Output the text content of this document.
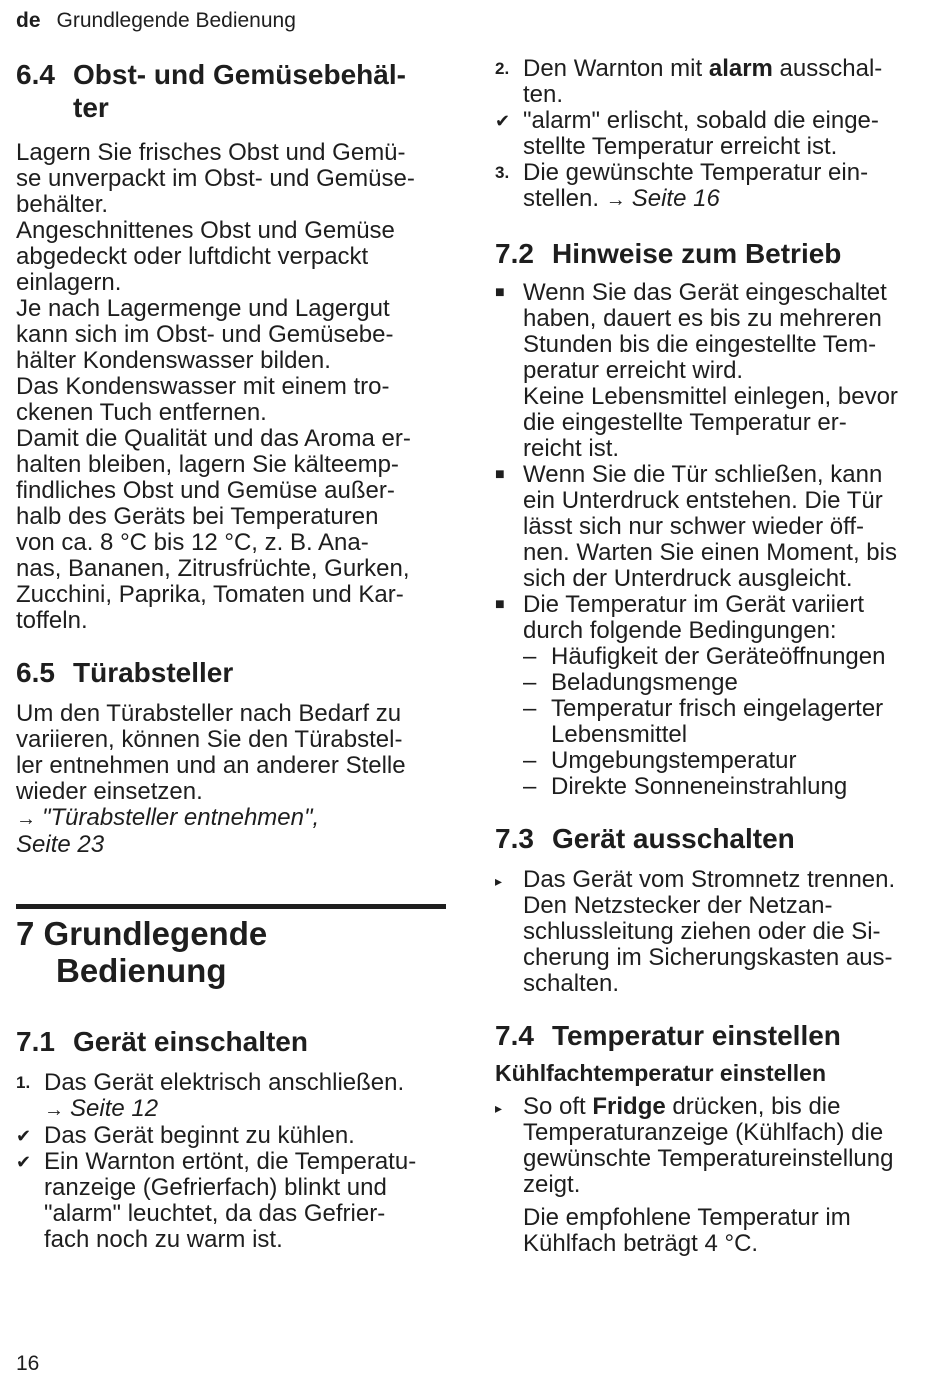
de Grundlegende Bedienung
6.4 Obst- und Gemüsebehäl-
ter
Lagern Sie frisches Obst und Gemü-
se unverpackt im Obst- und Gemüse-
behälter.
Angeschnittenes Obst und Gemüse
abgedeckt oder luftdicht verpackt
einlagern.
Je nach Lagermenge und Lagergut
kann sich im Obst- und Gemüsebe-
hälter Kondenswasser bilden.
Das Kondenswasser mit einem tro-
ckenen Tuch entfernen.
Damit die Qualität und das Aroma er-
halten bleiben, lagern Sie kälteemp-
findliches Obst und Gemüse außer-
halb des Geräts bei Temperaturen
von ca. 8 °C bis 12 °C, z. B. Ana-
nas, Bananen, Zitrusfrüchte, Gurken,
Zucchini, Paprika, Tomaten und Kar-
toffeln.
6.5 Türabsteller
Um den Türabsteller nach Bedarf zu
variieren, können Sie den Türabstel-
ler entnehmen und an anderer Stelle
wieder einsetzen.
→ "Türabsteller entnehmen",
Seite 23
7 Grundlegende
Bedienung
7.1 Gerät einschalten
1. Das Gerät elektrisch anschließen.
→ Seite 12
✔ Das Gerät beginnt zu kühlen.
✔ Ein Warnton ertönt, die Temperatu-
ranzeige (Gefrierfach) blinkt und
"alarm" leuchtet, da das Gefrier-
fach noch zu warm ist.
2. Den Warnton mit alarm ausschal-
ten.
✔ "alarm" erlischt, sobald die einge-
stellte Temperatur erreicht ist.
3. Die gewünschte Temperatur ein-
stellen. → Seite 16
7.2 Hinweise zum Betrieb
■ Wenn Sie das Gerät eingeschaltet
haben, dauert es bis zu mehreren
Stunden bis die eingestellte Tem-
peratur erreicht wird.
Keine Lebensmittel einlegen, bevor
die eingestellte Temperatur er-
reicht ist.
■ Wenn Sie die Tür schließen, kann
ein Unterdruck entstehen. Die Tür
lässt sich nur schwer wieder öff-
nen. Warten Sie einen Moment, bis
sich der Unterdruck ausgleicht.
■ Die Temperatur im Gerät variiert
durch folgende Bedingungen:
– Häufigkeit der Geräteöffnungen
– Beladungsmenge
– Temperatur frisch eingelagerter
Lebensmittel
– Umgebungstemperatur
– Direkte Sonneneinstrahlung
7.3 Gerät ausschalten
▸ Das Gerät vom Stromnetz trennen.
Den Netzstecker der Netzan-
schlussleitung ziehen oder die Si-
cherung im Sicherungskasten aus-
schalten.
7.4 Temperatur einstellen
Kühlfachtemperatur einstellen
▸ So oft Fridge drücken, bis die
Temperaturanzeige (Kühlfach) die
gewünschte Temperatureinstellung
zeigt.
Die empfohlene Temperatur im
Kühlfach beträgt 4 °C.
16
